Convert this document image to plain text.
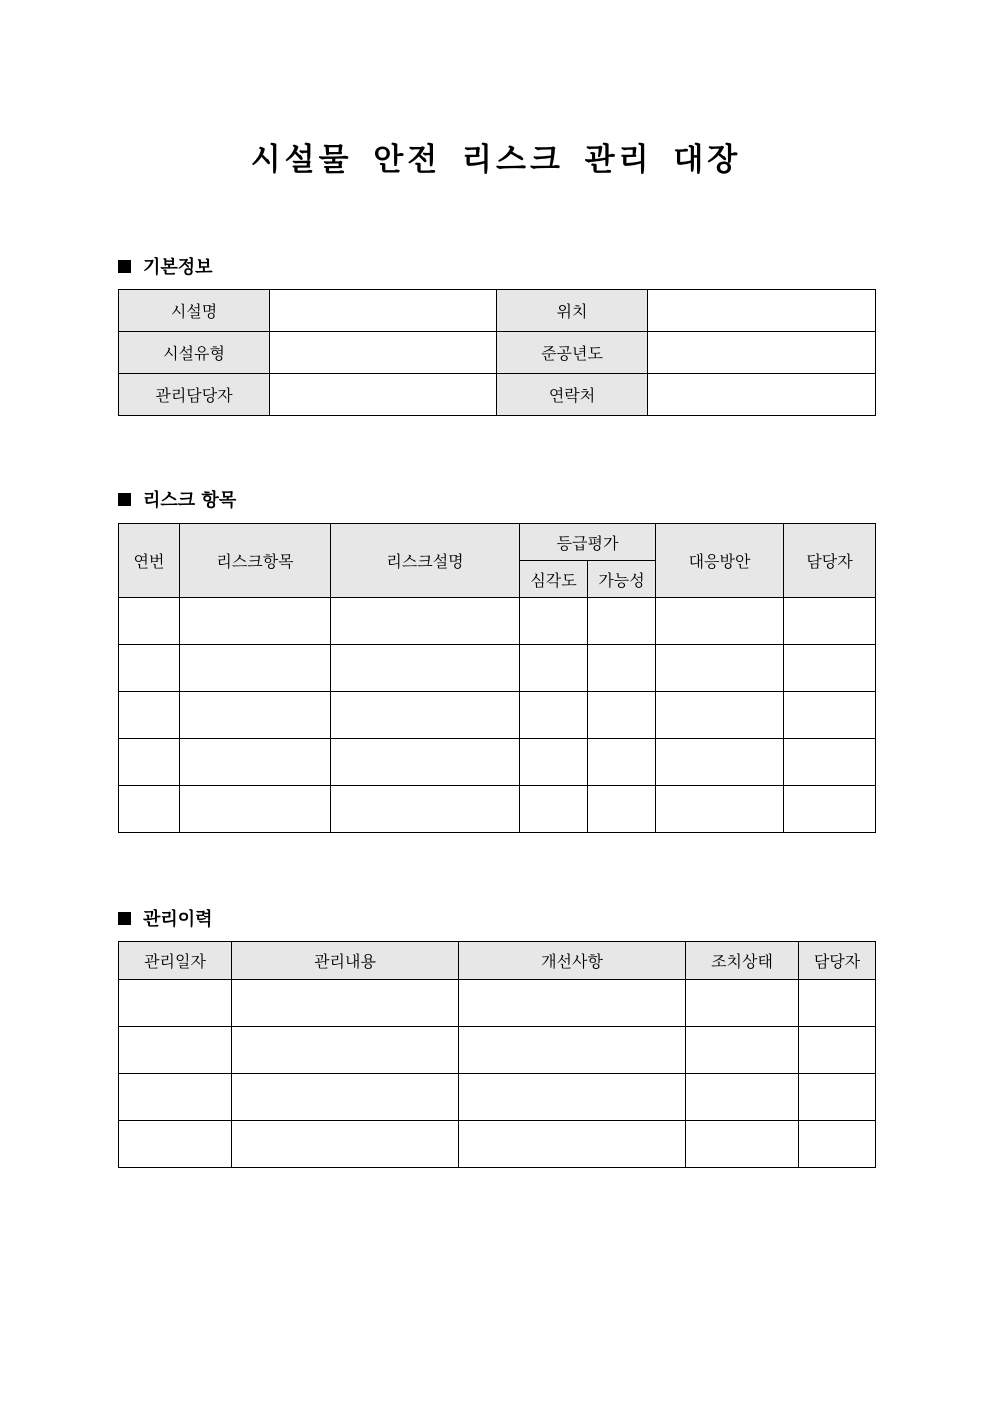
시설물 안전 리스크 관리 대장
기본정보
시설명		위치	
시설유형		준공년도	
관리담당자		연락처	
리스크 항목
연번	리스크항목	리스크설명	등급평가		대응방안	담당자
			심각도	가능성		

관리이력
관리일자	관리내용	개선사항	조치상태	담당자
